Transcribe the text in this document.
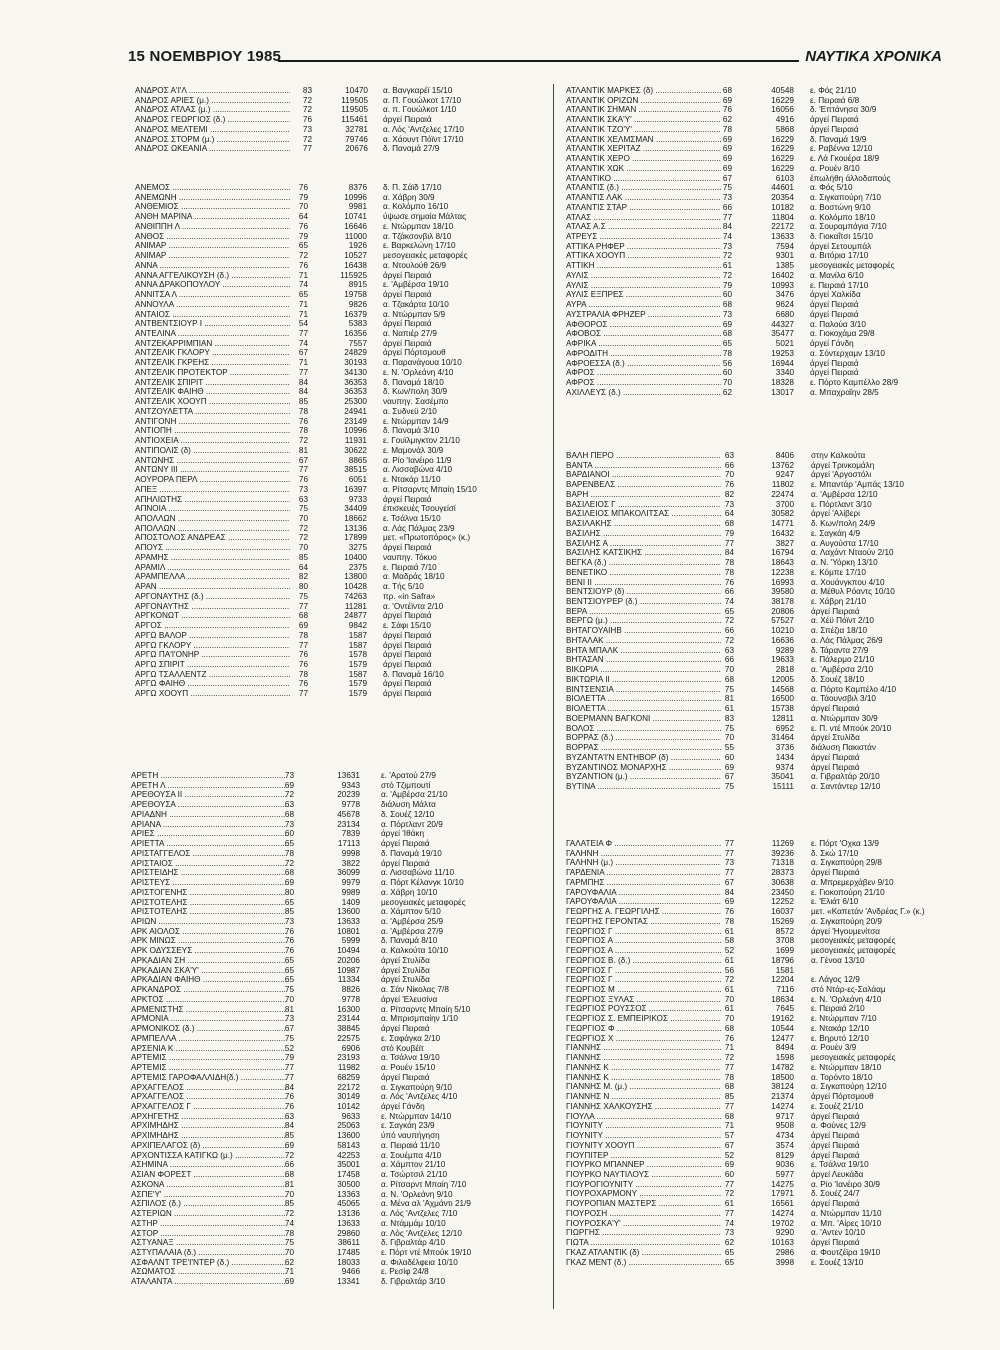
15 ΝΟΕΜΒΡΙΟΥ 1985	ΝΑΥΤΙΚΑ ΧΡΟΝΙΚΑ
ΑΝΔΡΟΣ Α'Ι'Λ .....	83	10470 α. Βανγκαρέϊ 15/10
ΑΝΔΡΟΣ ΑΡΙΕΣ (μ.) .....	72	119505 α. Π. Γουώλκοτ 17/10
ΑΝΔΡΟΣ ΑΤΛΑΣ (μ.) .....	72	119505 α. π. Γουώλκοτ 1/10
ΑΝΔΡΟΣ ΓΕΩΡΓΙΟΣ (δ.) .....	76	115461 άργεί Πειραιά
ΑΝΔΡΟΣ ΜΕΛΤΕΜΙ .....	73	32781 α. Λός 'Αντζελες 17/10
ΑΝΔΡΟΣ ΣΤΟΡΜ (μ.) .....	72	79746 α. Χάουντ Πόϊντ 17/10
ΑΝΔΡΟΣ ΩΚΕΑΝΙΑ .....	77	20676 δ. Παναμά 27/9
ΑΝΕΜΟΣ .....	76	8376 δ. Π. Σάϊδ 17/10
ΑΝΕΜΩΝΗ .....	79	10996 α. Χάβρη 30/9
ΑΝΘΕΜΙΟΣ .....	70	9981 α. Κολόμπο 16/10
ΑΝΘΗ ΜΑΡΙΝΑ .....	64	10741 ύψωσε σημαία Μάλτας
ΑΝΘΙΠΠΗ Λ .....	76	16646 ε. Ντώρμπαν 18/10
ΑΝΘΟΣ .....	79	11000 α. Τζάκσονβιλ 8/10
ΑΝΙΜΑΡ .....	65	1926 ε. Βαρκελώνη 17/10
ΑΝΙΜΑΡ .....	72	10527 μεσογειακές μεταφορές
ΑΝΝΑ .....	76	16438 α. Ντουλούθ 26/9
ΑΝΝΑ ΑΓΓΕΛΙΚΟΥΣΗ (δ.) .....	71	115925 άργεί Πειραιά
ΑΝΝΑ ΔΡΑΚΟΠΟΥΛΟΥ .....	74	8915 ε. 'Αμβέρσα 19/10
ΑΝΝΙΤΣΑ Λ .....	65	19758 άργεί Πειραιά
ΑΝΝΟΥΛΑ .....	71	9826 α. Τζακάρτα 10/10
ΑΝΤΑΙΟΣ .....	71	16379 α. Ντώρμπαν 5/9
ΑΝΤΒΕΝΤΣΙΟΥΡ Ι .....	54	5383 άργεί Πειραιά
ΑΝΤΕΛΙΝΑ .....	77	16356 α. Ναπιέρ 27/9
ΑΝΤΖΕΚΑΡΡΙΜΠΙΑΝ .....	74	7557 άργεί Πειραιά
ΑΝΤΖΕΛΙΚ ΓΚΛΟΡΥ .....	67	24829 άργεί Πόρτσμουθ
ΑΝΤΖΕΛΙΚ ΓΚΡΕΗΣ .....	71	30193 α. Παρανάγουα 10/10
ΑΝΤΖΕΛΙΚ ΠΡΟΤΕΚΤΟΡ .....	77	34130 ε. Ν. 'Ορλεάνη 4/10
ΑΝΤΖΕΛΙΚ ΣΠΙΡΙΤ .....	84	36353 δ. Παναμά 18/10
ΑΝΤΖΕΛΙΚ ΦΑΙΗΘ .....	84	36353 δ. Κων/πολη 30/9
ΑΝΤΖΕΛΙΚ ΧΟΟΥΠ .....	85	25300 ναυπηγ. Σασέμπο
ΑΝΤΖΟΥΛΕΤΤΑ .....	78	24941 α. Συδνεϋ 2/10
ΑΝΤΙΓΟΝΗ .....	76	23149 ε. Ντώρμπαν 14/9
ΑΝΤΙΟΠΗ .....	78	10996 δ. Παναμά 3/10
ΑΝΤΙΟΧΕΙΑ .....	72	11931 ε. Γουϊλμιγκτον 21/10
ΑΝΤΙΠΟΛΙΣ (δ) .....	81	30622 ε. Μαμονάλ 30/9
ΑΝΤΩΝΗΣ .....	67	8865 α. Ρίο 'Ιανέιρο 11/9
ΑΝΤΩΝΥ ΙΙΙ .....	77	38515 α. Λισσαβώνα 4/10
ΑΟΥΡΟΡΑ ΠΕΡΛ .....	76	6051 ε. Ντακάρ 11/10
ΑΠΕΞ .....	73	16397 α. Ρίτσαρντς Μπαίη 15/10
ΑΠΗΛΙΩΤΗΣ .....	63	9733 άργεί Πειραιά
ΑΠΝΟΙΑ .....	75	34409 έπισκευές Τσουγείσί
ΑΠΟΛΛΩΝ .....	70	18662 ε. Τσάλνα 15/10
ΑΠΟΛΛΩΝ .....	72	13136 α. Λάς Πάλμας 23/9
ΑΠΟΣΤΟΛΟΣ ΑΝΔΡΕΑΣ .....	72	17899 μετ. «Πρωτοπόρος» (κ.)
ΑΠΟΥΣ .....	70	3275 άργεί Πειραιά
ΑΡΑΜΗΣ .....	85	10400 ναυπηγ. Τόκυο
ΑΡΑΜΙΛ .....	64	2375 ε. Πειραιά 7/10
ΑΡΑΜΠΕΛΛΑ .....	82	13800 α. Μαδράς 18/10
ΑΡΑΝ .....	80	10428 α. Τής 5/10
ΑΡΓΟΝΑΥΤΗΣ (δ.) .....	75	74263 πρ. «in Safra»
ΑΡΓΟΝΑΥΤΗΣ .....	77	11281 α. 'Οντέϊντα 2/10
ΑΡΓΚΟΝΩΤ .....	68	24877 άργεί Πειραιά
ΑΡΓΟΣ .....	69	9842 ε. Σάφι 15/10
ΑΡΓΩ ΒΑΛΟΡ .....	78	1587 άργεί Πειραιά
ΑΡΓΩ ΓΚΛΟΡΥ .....	77	1587 άργεί Πειραιά
ΑΡΓΩ ΠΑ'Ι'ΟΝΗΡ .....	76	1578 άργεί Πειραιά
ΑΡΓΩ ΣΠΙΡΙΤ .....	76	1579 άργεί Πειραιά
ΑΡΓΩ ΤΣΑΛΛΕΝΤΖ .....	78	1587 δ. Παναμά 16/10
ΑΡΓΩ ΦΑΙΗΘ .....	76	1579 άργεί Πειραιά
ΑΡΓΩ ΧΟΟΥΠ .....	77	1579 άργεί Πειραιά
ΑΡΕΤΗ .....	73	13631	ε. 'Αρατού 27/9
ΑΡΕΤΗ Λ .....	69	9343	στό Τζιμπουτί
ΑΡΕΘΟΥΣΑ ΙΙ .....	72	20239	α. 'Αμβέρσα 21/10
ΑΡΕΘΟΥΣΑ .....	63	9778	διάλυση Μάλτα
ΑΡΙΑΔΝΗ .....	68	45678	δ. Σουέζ 12/10
ΑΡΙΑΝΑ .....	73	23134	α. Πόρτλαντ 20/9
ΑΡΙΕΣ .....	60	7839	άργεί 'Ιθάκη
ΑΡΙΕΤΤΑ .....	65	17113	άργεί Πειραιά
ΑΡΙΣΤΑΓΓΕΛΟΣ .....	78	9998	δ. Παναμά 19/10
ΑΡΙΣΤΑΙΟΣ .....	72	3822	άργεί Πειραιά
ΑΡΙΣΤΕΙΔΗΣ .....	68	36099	α. Λισσαβώνα 11/10
ΑΡΙΣΤΕΥΣ .....	69	9979	α. Πόρτ Κέλανγκ 10/10
ΑΡΙΣΤΟΓΕΝΗΣ .....	80	9989	α. Χάβρη 10/10
ΑΡΙΣΤΟΤΕΛΗΣ .....	65	1409	μεσογειακές μεταφορές
ΑΡΙΣΤΟΤΕΛΗΣ .....	85	13600	α. Χάμπτον 5/10
ΑΡΙΩΝ .....	73	13633	α. 'Αμβέρσα 25/9
ΑΡΚ ΑΙΟΛΟΣ .....	76	10801	α. 'Αμβέρσα 27/9
ΑΡΚ ΜΙΝΩΣ .....	76	5999	δ. Παναμά 8/10
ΑΡΚ ΟΔΥΣΣΕΥΣ .....	76	10494	α. Καλκούτα 10/10
ΑΡΚΑΔΙΑΝ ΣΗ .....	65	20206	άργεί Στυλίδα
ΑΡΚΑΔΙΑΝ ΣΚΑ'Υ' .....	65	10987	άργεί Στυλίδα
ΑΡΚΑΔΙΑΝ ΦΑΙΗΘ .....	65	11334	άργεί Στυλίδα
ΑΡΚΑΝΔΡΟΣ .....	75	8826	α. Σάν Νίκολας 7/8
ΑΡΚΤΟΣ .....	70	9778	άργεί 'Ελευσίνα
ΑΡΜΕΝΙΣΤΗΣ .....	81	16300	α. Ρίτσαρντς Μπαίη 5/10
ΑΡΜΟΝΙΑ .....	73	23144	α. Μπρισμπαίην 1/10
ΑΡΜΟΝΙΚΟΣ (δ.) .....	67	38845	άργεί Πειραιά
ΑΡΜΠΕΛΛΑ .....	75	22575	ε. Σαφάγκα 2/10
ΑΡΣΕΝΙΑ Κ .....	52	6906	στό Κουβέϊτ
ΑΡΤΕΜΙΣ .....	79	23193	α. Τσάλνα 19/10
ΑΡΤΕΜΙΣ .....	77	11982	α. Ρουέν 15/10
ΑΡΤΕΜΙΣ ΓΑΡΟΦΑΛΛΙΔΗ(δ.) .....	77	68259	άργεί Πειραιά
ΑΡΧΑΓΓΕΛΟΣ .....	84	22172	α. Σιγκαπούρη 9/10
ΑΡΧΑΓΓΕΛΟΣ .....	76	30149	α. Λός 'Αντζελες 4/10
ΑΡΧΑΓΓΕΛΟΣ Γ .....	76	10142	άργεί Γάνδη
ΑΡΧΗΓΕΤΗΣ .....	63	9633	ε. Ντώρμπαν 14/10
ΑΡΧΙΜΗΔΗΣ .....	84	25063	ε. Σαγκάη 23/9
ΑΡΧΙΜΗΔΗΣ .....	85	13600	ύπό ναυπήγηση
ΑΡΧΙΠΕΛΑΓΟΣ (δ) .....	69	58143	α. Πειραιά 11/10
ΑΡΧΟΝΤΙΣΣΑ ΚΑΤΙΓΚΩ (μ.) .....	72	42253	α. Σουέμπα 4/10
ΑΣΗΜΙΝΑ .....	66	35001	α. Χάμπτον 21/10
ΑΣΙΑΝ ΦΟΡΕΣΤ .....	68	17458	α. Τσώρτσιλ 21/10
ΑΣΚΟΝΑ .....	81	30500	α. Ρίτσαρντ Μπαίη 7/10
ΑΣΠΕ'Υ' .....	70	13363	α. Ν. 'Ορλεάνη 9/10
ΑΣΠΙΛΟΣ (δ.) .....	85	45065	α. Μένα αλ 'Αχμάντι 21/9
ΑΣΤΕΡΙΩΝ .....	72	13136	α. Λός 'Αντζελες 7/10
ΑΣΤΗΡ .....	74	13633	α. Ντάμμάμ 10/10
ΑΣΤΟΡ .....	78	29860	α. Λός 'Αντζελες 12/10
ΑΣΤΥΑΝΑΞ .....	75	38611	δ. Γιβραλτάρ 4/10
ΑΣΤΥΠΑΛΑΙΑ (δ.) .....	70	17485	ε. Πόρτ ντέ Μπούκ 19/10
ΑΣΦΑΛΝΤ ΤΡΕ'Ι'ΝΤΕΡ (δ.) .....	62	18033	α. Φιλαδέλφεια 10/10
ΑΣΩΜΑΤΟΣ .....	71	9466	ε. Ρεσίφ 24/8
ΑΤΑΛΑΝΤΑ .....	69	13341	δ. Γιβραλτάρ 3/10
ΑΤΛΑΝΤΙΚ ΜΑΡΚΕΣ (δ) .....	68	40548 ε. Φός 21/10
ΑΤΛΑΝΤΙΚ ΟΡΙΖΩΝ .....	69	16229 ε. Πειραιά 6/8
ΑΤΛΑΝΤΙΚ ΣΗΜΑΝ .....	76	16056 δ. 'Επτάνησα 30/9
ΑΤΛΑΝΤΙΚ ΣΚΑ'Υ' .....	62	4916 άργεί Πειραιά
ΑΤΛΑΝΤΙΚ ΤΖΟ'Υ' .....	78	5868 άργεί Πειραιά
ΑΤΛΑΝΤΙΚ ΧΕΛΜΣΜΑΝ .....	69	16229 δ. Παναμά 19/9
ΑΤΛΑΝΤΙΚ ΧΕΡΙΤΑΖ .....	69	16229 ε. Ραβέννα 12/10
ΑΤΛΑΝΤΙΚ ΧΕΡΟ .....	69	16229 ε. Λά Γκουέρα 18/9
ΑΤΛΑΝΤΙΚ ΧΩΚ .....	69	16229 α. Ρουέν 8/10
ΑΤΛΑΝΤΙΚΟ .....	67	6103 έπωλήθη άλλοδαπούς
ΑΤΛΑΝΤΙΣ (δ.) .....	75	44601 α. Φός 5/10
ΑΤΛΑΝΤΙΣ ΛΑΚ .....	73	20354 α. Σιγκαπούρη 7/10
ΑΤΛΑΝΤΙΣ ΣΤΑΡ .....	66	10182 α. Βοστώνη 9/10
ΑΤΛΑΣ .....	77	11804 α. Κολόμπο 18/10
ΑΤΛΑΣ Α.Σ .....	84	22172 α. Σουραμπάγια 7/10
ΑΤΡΕΥΣ .....	74	13633 δ. Γιοκαΐτσι 15/10
ΑΤΤΙΚΑ ΡΗΦΕΡ .....	73	7594 άργεί Σετουμπάλ
ΑΤΤΙΚΑ ΧΟΟΥΠ .....	72	9301 α. Βιτόρια 17/10
ΑΤΤΙΚΗ .....	61	1385 μεσογειακές μεταφορές
ΑΥΛΙΣ .....	72	16402 α. Μανίλα 6/10
ΑΥΛΙΣ .....	79	10993 ε. Πειραιά 17/10
ΑΥΛΙΣ ΕΞΠΡΕΣ .....	60	3476 άργεί Χαλκίδα
ΑΥΡΑ .....	68	9624 άργεί Πειραιά
ΑΥΣΤΡΑΛΙΑ ΦΡΗΖΕΡ .....	73	6680 άργεί Πειραιά
ΑΦΘΟΡΟΣ .....	69	44327 α. Παλούα 3/10
ΑΦΟΒΟΣ .....	68	35477 α. Γιοκοχάμα 29/8
ΑΦΡΙΚΑ .....	65	5021 άργεί Γάνδη
ΑΦΡΟΔΙΤΗ .....	78	19253 α. Σόντερχαμν 13/10
ΑΦΡΟΕΣΣΑ (δ.) .....	56	16944 άργεί Πειραιά
ΑΦΡΟΣ .....	60	3340 άργεί Πειραιά
ΑΦΡΟΣ .....	70	18328 ε. Πόρτο Καμπέλλο 28/9
ΑΧΙΛΛΕΥΣ (δ.) .....	62	13017 α. Μπαχραΐην 28/5
ΒΑΛΗ ΠΕΡΟ .....	63	8406 στην Καλκούτα
ΒΑΝΤΑ .....	66	13762 άργεί Τρινκομάλη
ΒΑΡΔΙΑΝΟΙ .....	70	9247 άργεί 'Αργοστόλι
ΒΑΡΕΝΒΕΛΣ .....	76	11802 ε. Μπαντάρ 'Αμπάς 13/10
ΒΑΡΗ .....	82	22474 α. 'Αμβέρσα 12/10
ΒΑΣΙΛΕΙΟΣ Γ .....	73	3700 ε. Πόρτλαντ 3/10
ΒΑΣΙΛΕΙΟΣ ΜΠΑΚΟΛΙΤΣΑΣ .....	64	30582 άργεί 'Αλίβερι
ΒΑΣΙΛΑΚΗΣ .....	68	14771 δ. Κων/πολη 24/9
ΒΑΣΙΛΗΣ .....	79	16432 ε. Σαγκάη 4/9
ΒΑΣΙΛΗΣ Α .....	77	3827 α. Αυγούστα 17/10
ΒΑΣΙΛΗΣ ΚΑΤΣΙΚΗΣ .....	84	16794 α. Λαχάντ Νταούν 2/10
ΒΕΓΚΑ (δ.) .....	78	18643 α. Ν. 'Υόρκη 13/10
ΒΕΝΕΤΙΚΟ .....	78	12238 ε. Κόμπε 17/10
ΒΕΝΙ ΙΙ .....	76	16993 α. Χουάνγκπου 4/10
ΒΕΝΤΣΙΟΥΡ (δ) .....	66	39580 α. Μέθυλ Ρόαντς 10/10
ΒΕΝΤΣΙΟΥΡΕΡ (δ.) .....	74	38178 ε. Χάβρη 21/10
ΒΕΡΑ .....	65	20806 άργεί Πειραιά
ΒΕΡΓΩ (μ.) .....	72	57527 α. Χέϋ Πόϊντ 2/10
ΒΗΤΑΓΟΥΑΙΗΒ .....	66	10210 α. Σπέζια 18/10
ΒΗΤΑΛΑΚ .....	72	16636 α. Λάς Πάλμας 26/9
ΒΗΤΑ ΜΠΑΛΚ .....	63	9289 δ. Τάραντα 27/9
ΒΗΤΑΣΑΝ .....	66	19633 ε. Πάλερμο 21/10
ΒΙΚΩΡΙΑ .....	70	2818 α. 'Αμβέρσα 2/10
ΒΙΚΤΩΡΙΑ ΙΙ .....	68	12005 δ. Σουέζ 18/10
ΒΙΝΤΣΕΝΣΙΑ .....	75	14568 α. Πόρτο Καμπέλο 4/10
ΒΙΟΛΕΤΤΑ .....	81	16500 α. Τάουνσβιλ 3/10
ΒΙΟΛΕΤΤΑ .....	61	15738 άργεί Πειραιά
ΒΟΕΡΜΑΝΝ ΒΑΓΚΟΝΙ .....	83	12811 α. Ντώρμπαν 30/9
ΒΟΛΟΣ .....	75	6952 ε. Π. ντέ Μπούκ 20/10
ΒΟΡΡΑΣ (δ.) .....	70	31464 άργεί Στυλίδα
ΒΟΡΡΑΣ .....	55	3736 διάλυση Πακιστάν
ΒΥΖΑΝΤΑ'Ι'Ν ΕΝΤΗΒΟΡ (δ) .....	60	1434 άργεί Πειραιά
ΒΥΖΑΝΤΙΝΟΣ ΜΟΝΑΡΧΗΣ .....	69	9374 άργεί Πειραιά
ΒΥΖΑΝΤΙΟΝ (μ.) .....	67	35041 α. Γιβραλτάρ 20/10
ΒΥΤΙΝΑ .....	75	15111 α. Σαντάντερ 12/10
ΓΑΛΑΤΕΙΑ Φ .....	77	11269 ε. Πόρτ 'Οχκα 13/9
ΓΑΛΗΝΗ .....	77	39236 δ. Σκώ 17/10
ΓΑΛΗΝΗ (μ.) .....	73	71318 α. Σιγκαπούρη 29/8
ΓΑΡΔΕΝΙΑ .....	77	28373 άργεί Πειραιά
ΓΑΡΜΠΗΣ .....	67	30638 α. Μπρεμερχάβεν 9/10
ΓΑΡΟΥΦΑΛΙΑ .....	84	23450 ε. Γιοκοπούρη 21/10
ΓΑΡΟΥΦΑΛΙΑ .....	69	12252 ε. 'Ελιάτ 6/10
ΓΕΩΡΓΗΣ Α. ΓΕΩΡΓΙΛΗΣ .....	76	16037 μετ. «Καπετάν 'Ανδρέας Γ.» (κ.)
ΓΕΩΡΓΗΣ ΓΕΡΟΝΤΑΣ .....	78	15269 α. Σιγκαπούρη 20/9
ΓΕΩΡΓΙΟΣ Γ .....	61	8572 άργεί 'Ηγουμενίτσα
ΓΕΩΡΓΙΟΣ Α .....	58	3708 μεσογειακές μεταφορές
ΓΕΩΡΓΙΟΣ Α .....	52	1699 μεσογειακές μεταφορές
ΓΕΩΡΓΙΟΣ Β. (δ.) .....	61	18796 α. Γένοα 13/10
ΓΕΩΡΓΙΟΣ Γ .....	56	1581
ΓΕΩΡΓΙΟΣ Γ .....	72	12204 ε. Λάγος 12/9
ΓΕΩΡΓΙΟΣ Μ .....	61	7116 στό Ντάρ-ες-Σαλάαμ
ΓΕΩΡΓΙΟΣ ΞΥΛΑΣ .....	70	18634 ε. Ν. 'Ορλεάνη 4/10
ΓΕΩΡΓΙΟΣ ΡΟΥΣΣΟΣ .....	61	7645 ε. Πειραιά 2/10
ΓΕΩΡΓΙΟΣ Σ. ΕΜΠΕΙΡΙΚΟΣ .....	70	19162 ε. Ντώρμπαν 7/10
ΓΕΩΡΓΙΟΣ Φ .....	68	10544 ε. Ντακάρ 12/10
ΓΕΩΡΓΙΟΣ Χ .....	76	12477 ε. Βηρυτό 12/10
ΓΙΑΝΝΗΣ .....	71	8494 α. Ρουέν 3/9
ΓΙΑΝΝΗΣ .....	72	1598 μεσογειακές μεταφορές
ΓΙΑΝΝΗΣ Κ .....	77	14782 ε. Ντώρμπαν 18/10
ΓΙΑΝΝΗΣ Κ .....	78	18500 α. Τορόντο 18/10
ΓΙΑΝΝΗΣ Μ. (μ.) .....	68	38124 α. Σιγκαπούρη 12/10
ΓΙΑΝΝΗΣ Ν .....	85	21374 άργεί Πόρτσμουθ
ΓΙΑΝΝΗΣ ΧΑΛΚΟΥΣΗΣ .....	77	14274 ε. Σουέζ 21/10
ΓΙΟΥΛΑ .....	68	9717 άργεί Πειραιά
ΓΙΟΥΝΙΤΥ .....	71	9508 α. Φούνες 12/9
ΓΙΟΥΝΙΤΥ .....	57	4734 άργεί Πειραιά
ΓΙΟΥΝΙΤΥ ΧΟΟΥΠ .....	67	3574 άργεί Πειραιά
ΓΙΟΥΠΙΤΕΡ .....	52	8129 άργεί Πειραιά
ΓΙΟΥΡΚΟ ΜΠΑΝΝΕΡ .....	69	9036 ε. Τσάλνα 19/10
ΓΙΟΥΡΚΟ ΝΑΥΤΙΛΟΥΣ .....	60	5977 άργεί Λευκάδα
ΓΙΟΥΡΟΓΙΟΥΝΙΤΥ .....	77	14275 α. Ρίο 'Ιανέιρο 30/9
ΓΙΟΥΡΟΧΑΡΜΟΝΥ .....	72	17971 δ. Σουέζ 24/7
ΓΙΟΥΡΟΠΙΑΝ ΜΑΣΤΕΡΣ .....	61	16561 άργεί Πειραιά
ΓΙΟΥΡΟΣΗ .....	77	14274 α. Ντώρμπαν 11/10
ΓΙΟΥΡΟΣΚΑ'Υ' .....	74	19702 α. Μπ. 'Αίρες 10/10
ΓΙΩΡΓΗΣ .....	73	9290 α. 'Αντεν 10/10
ΓΙΩΤΑ .....	62	10163 άργεί Πειραιά
ΓΚΑΖ ΑΤΛΑΝΤΙΚ (δ) .....	65	2986 α. Φουτζέϊρα 19/10
ΓΚΑΖ ΜΕΝΤ (δ.) .....	65	3998 ε. Σουέζ 13/10
